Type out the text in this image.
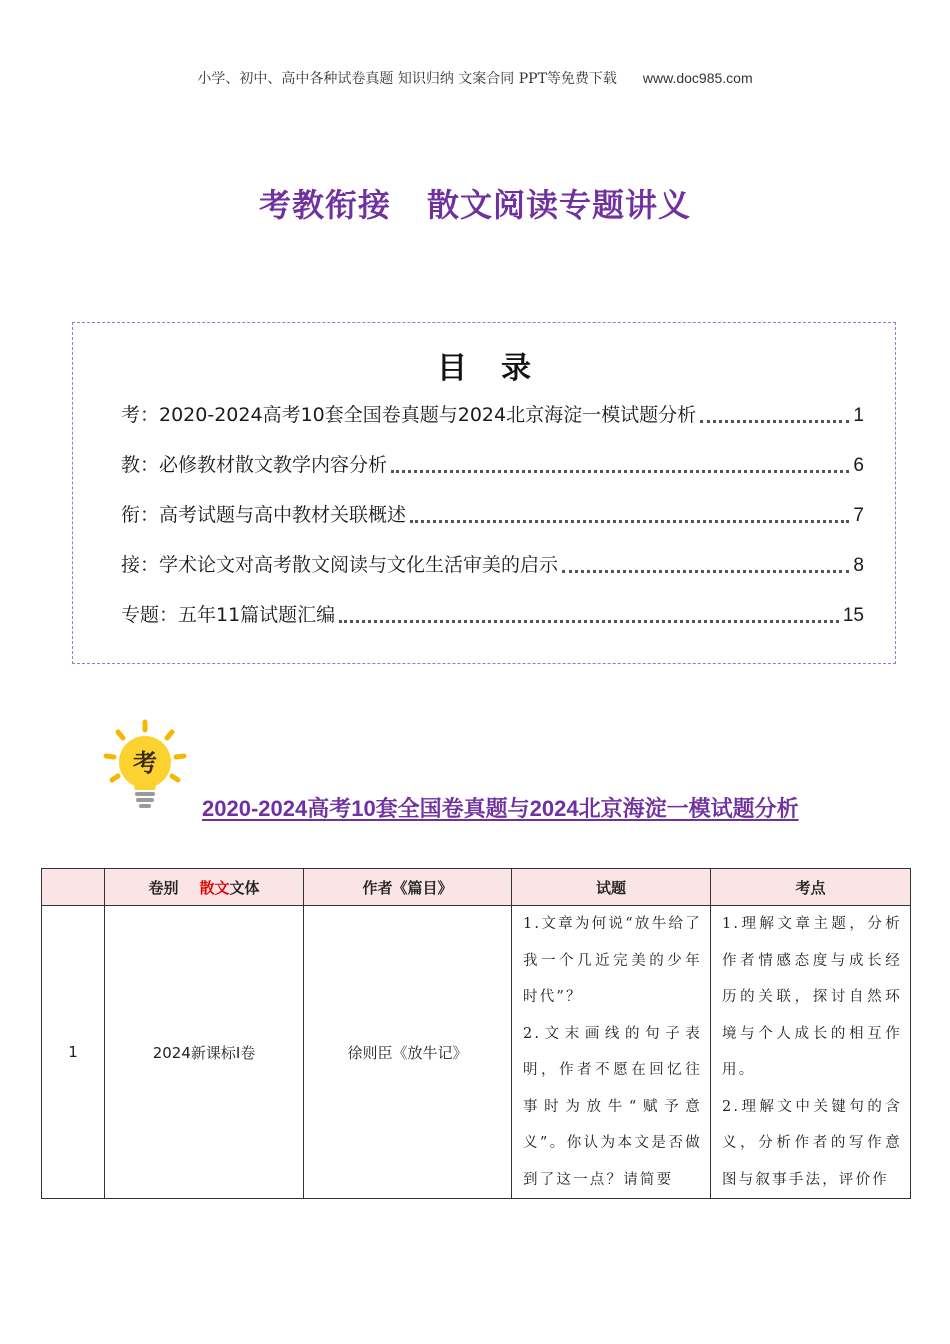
小学、初中、高中各种试卷真题 知识归纳 文案合同 PPT等免费下载 www.doc985.com
考教衔接 散文阅读专题讲义
目录
考：2020-2024高考10套全国卷真题与2024北京海淀一模试题分析	1
教：必修教材散文教学内容分析	6
衔：高考试题与高中教材关联概述	7
接：学术论文对高考散文阅读与文化生活审美的启示	8
专题：五年11篇试题汇编	15
考
2020-2024高考10套全国卷真题与2024北京海淀一模试题分析
	卷别 散文文体	作者《篇目》	试题	考点
1	2024新课标Ⅰ卷	徐则臣《放牛记》	1.文章为何说“放牛给了我一个几近完美的少年时代”？
2.文末画线的句子表明，作者不愿在回忆往事时为放牛“赋予意义”。你认为本文是否做到了这一点？请简要	1.理解文章主题，分析作者情感态度与成长经历的关联，探讨自然环境与个人成长的相互作用。
2.理解文中关键句的含义，分析作者的写作意图与叙事手法，评价作
